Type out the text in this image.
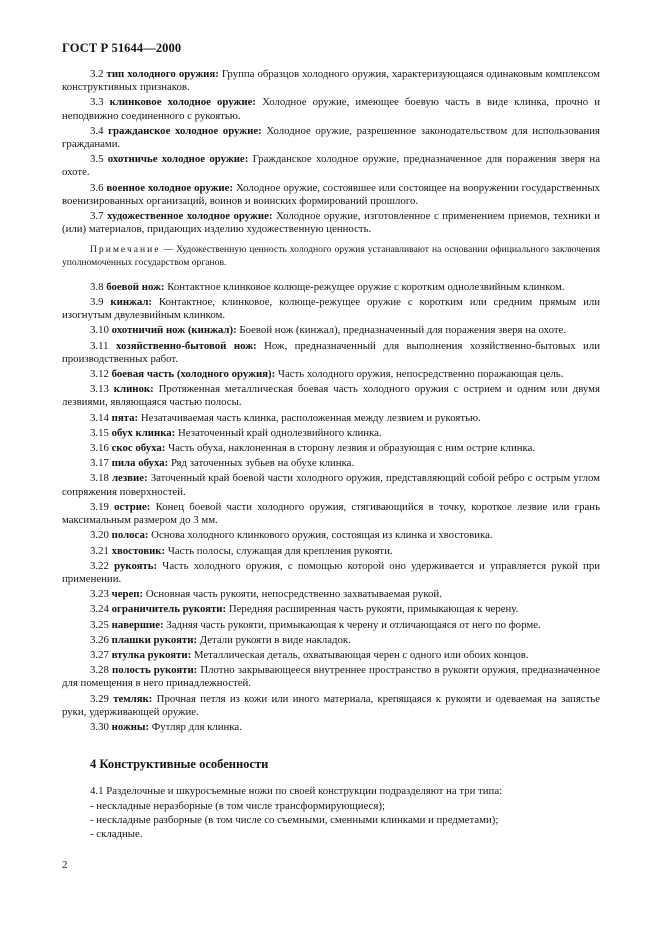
ГОСТ Р 51644—2000

3.2 тип холодного оружия: Группа образцов холодного оружия, характеризующаяся одинаковым комплексом конструктивных признаков.

3.3 клинковое холодное оружие: Холодное оружие, имеющее боевую часть в виде клинка, прочно и неподвижно соединенного с рукоятью.

3.4 гражданское холодное оружие: Холодное оружие, разрешенное законодательством для использования гражданами.

3.5 охотничье холодное оружие: Гражданское холодное оружие, предназначенное для поражения зверя на охоте.

3.6 военное холодное оружие: Холодное оружие, состоявшее или состоящее на вооружении государственных военизированных организаций, воинов и воинских формирований прошлого.

3.7 художественное холодное оружие: Холодное оружие, изготовленное с применением приемов, техники и (или) материалов, придающих изделию художественную ценность.

Примечание — Художественную ценность холодного оружия устанавливают на основании официального заключения уполномоченных государством органов.

3.8 боевой нож: Контактное клинковое колюще-режущее оружие с коротким однолезвийным клинком.

3.9 кинжал: Контактное, клинковое, колюще-режущее оружие с коротким или средним прямым или изогнутым двулезвийным клинком.

3.10 охотничий нож (кинжал): Боевой нож (кинжал), предназначенный для поражения зверя на охоте.

3.11 хозяйственно-бытовой нож: Нож, предназначенный для выполнения хозяйственно-бытовых или производственных работ.

3.12 боевая часть (холодного оружия): Часть холодного оружия, непосредственно поражающая цель.

3.13 клинок: Протяженная металлическая боевая часть холодного оружия с острием и одним или двумя лезвиями, являющаяся частью полосы.

3.14 пята: Незатачиваемая часть клинка, расположенная между лезвием и рукоятью.

3.15 обух клинка: Незаточенный край однолезвийного клинка.

3.16 скос обуха: Часть обуха, наклоненная в сторону лезвия и образующая с ним острие клинка.

3.17 пила обуха: Ряд заточенных зубьев на обухе клинка.

3.18 лезвие: Заточенный край боевой части холодного оружия, представляющий собой ребро с острым углом сопряжения поверхностей.

3.19 острие: Конец боевой части холодного оружия, стягивающийся в точку, короткое лезвие или грань максимальным размером до 3 мм.

3.20 полоса: Основа холодного клинкового оружия, состоящая из клинка и хвостовика.

3.21 хвостовик: Часть полосы, служащая для крепления рукояти.

3.22 рукоять: Часть холодного оружия, с помощью которой оно удерживается и управляется рукой при применении.

3.23 череп: Основная часть рукояти, непосредственно захватываемая рукой.

3.24 ограничитель рукояти: Передняя расширенная часть рукояти, примыкающая к черену.

3.25 навершие: Задняя часть рукояти, примыкающая к черену и отличающаяся от него по форме.

3.26 плашки рукояти: Детали рукояти в виде накладок.

3.27 втулка рукояти: Металлическая деталь, охватывающая черен с одного или обоих концов.

3.28 полость рукояти: Плотно закрывающееся внутреннее пространство в рукояти оружия, предназначенное для помещения в него принадлежностей.

3.29 темляк: Прочная петля из кожи или иного материала, крепящаяся к рукояти и одеваемая на запястье руки, удерживающей оружие.

3.30 ножны: Футляр для клинка.

4 Конструктивные особенности

4.1 Разделочные и шкуросъемные ножи по своей конструкции подразделяют на три типа:

- нескладные неразборные (в том числе трансформирующиеся);

- нескладные разборные (в том числе со съемными, сменными клинками и предметами);

- складные.

2
